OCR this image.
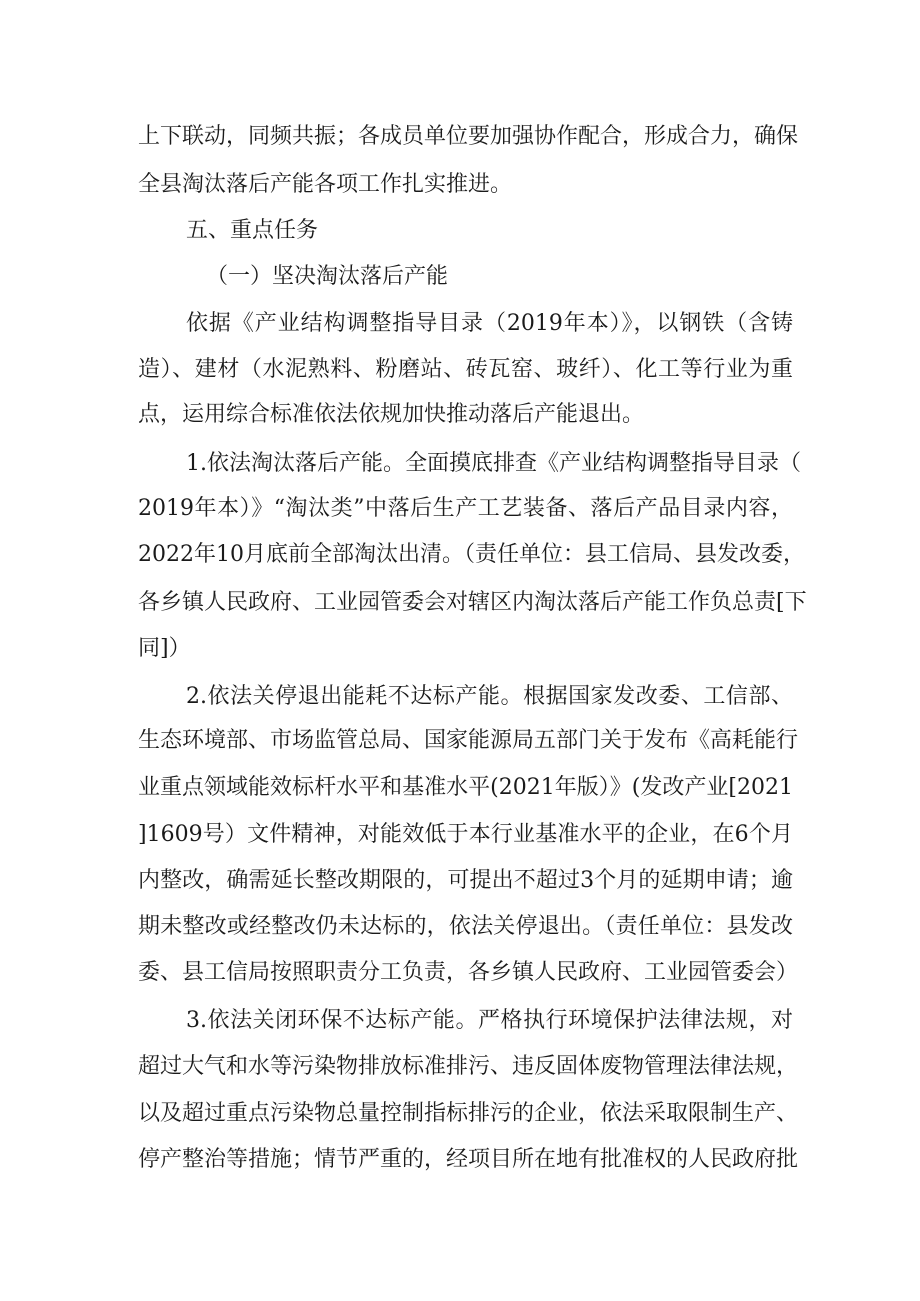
上下联动，同频共振；各成员单位要加强协作配合，形成合力，确保
全县淘汰落后产能各项工作扎实推进。
五、重点任务
（一）坚决淘汰落后产能
依据《产业结构调整指导目录（2019年本）》，以钢铁（含铸
造）、建材（水泥熟料、粉磨站、砖瓦窑、玻纤）、化工等行业为重
点，运用综合标准依法依规加快推动落后产能退出。
1.依法淘汰落后产能。全面摸底排查《产业结构调整指导目录（
2019年本）》“淘汰类”中落后生产工艺装备、落后产品目录内容，
2022年10月底前全部淘汰出清。（责任单位：县工信局、县发改委，
各乡镇人民政府、工业园管委会对辖区内淘汰落后产能工作负总责[下
同]）
2.依法关停退出能耗不达标产能。根据国家发改委、工信部、
生态环境部、市场监管总局、国家能源局五部门关于发布《高耗能行
业重点领域能效标杆水平和基准水平(2021年版）》(发改产业[2021
]1609号）文件精神，对能效低于本行业基准水平的企业，在6个月
内整改，确需延长整改期限的，可提出不超过3个月的延期申请；逾
期未整改或经整改仍未达标的，依法关停退出。（责任单位：县发改
委、县工信局按照职责分工负责，各乡镇人民政府、工业园管委会）
3.依法关闭环保不达标产能。严格执行环境保护法律法规，对
超过大气和水等污染物排放标准排污、违反固体废物管理法律法规，
以及超过重点污染物总量控制指标排污的企业，依法采取限制生产、
停产整治等措施；情节严重的，经项目所在地有批准权的人民政府批
